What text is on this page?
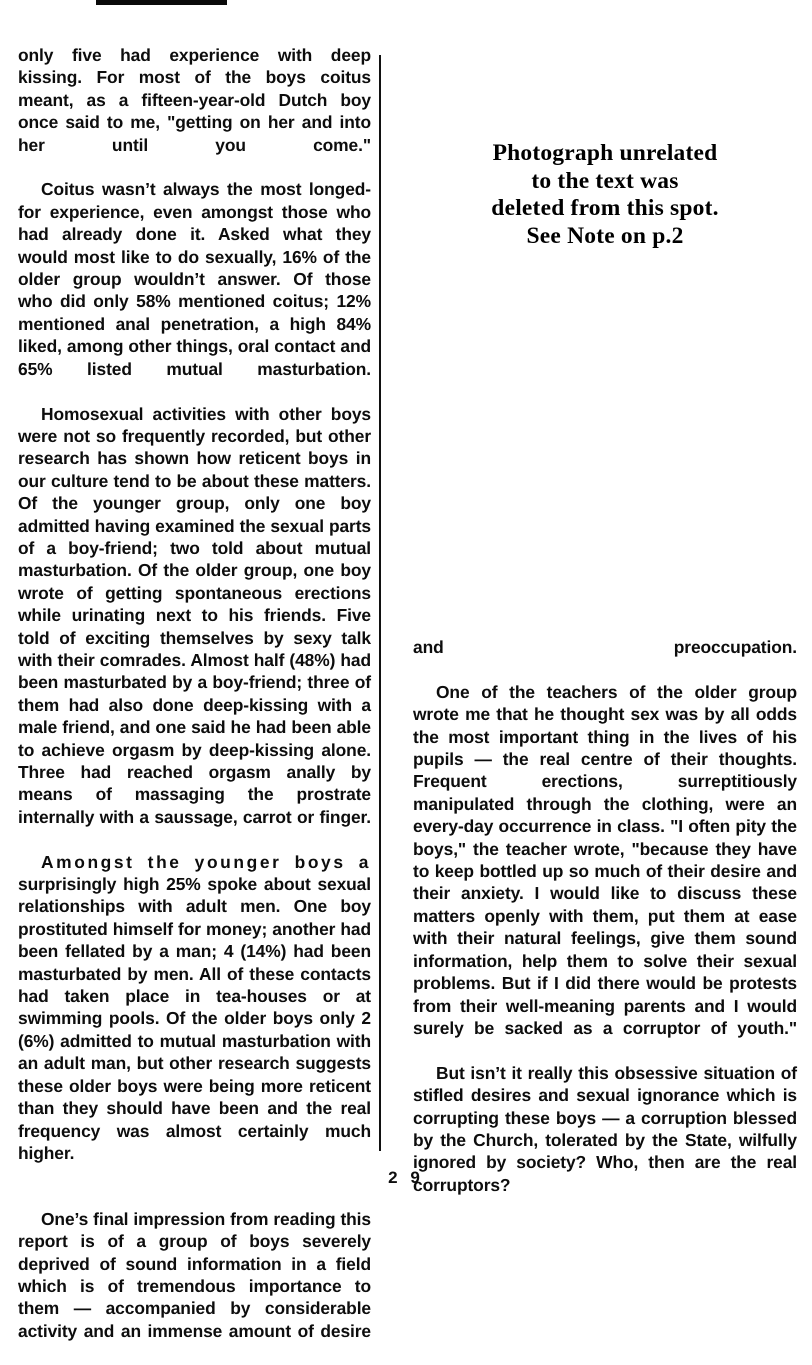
only five had experience with deep kissing. For most of the boys coitus meant, as a fifteen-year-old Dutch boy once said to me, "getting on her and into her until you come."

Coitus wasn’t always the most longed-for experience, even amongst those who had already done it. Asked what they would most like to do sexually, 16% of the older group wouldn’t answer. Of those who did only 58% mentioned coitus; 12% mentioned anal penetration, a high 84% liked, among other things, oral contact and 65% listed mutual masturbation.

Homosexual activities with other boys were not so frequently recorded, but other research has shown how reticent boys in our culture tend to be about these matters. Of the younger group, only one boy admitted having examined the sexual parts of a boy-friend; two told about mutual masturbation. Of the older group, one boy wrote of getting spontaneous erections while urinating next to his friends. Five told of exciting themselves by sexy talk with their comrades. Almost half (48%) had been masturbated by a boy-friend; three of them had also done deep-kissing with a male friend, and one said he had been able to achieve orgasm by deep-kissing alone. Three had reached orgasm anally by means of massaging the prostrate internally with a saussage, carrot or finger.

Amongst the younger boys a surprisingly high 25% spoke about sexual relationships with adult men. One boy prostituted himself for money; another had been fellated by a man; 4 (14%) had been masturbated by men. All of these contacts had taken place in tea-houses or at swimming pools. Of the older boys only 2 (6%) admitted to mutual masturbation with an adult man, but other research suggests these older boys were being more reticent than they should have been and the real frequency was almost certainly much higher.

One’s final impression from reading this report is of a group of boys severely deprived of sound information in a field which is of tremendous importance to them — accompanied by considerable activity and an immense amount of desire

Photograph unrelated
to the text was
deleted from this spot.
See Note on p.2

and preoccupation.

One of the teachers of the older group wrote me that he thought sex was by all odds the most important thing in the lives of his pupils — the real centre of their thoughts. Frequent erections, surreptitiously manipulated through the clothing, were an every-day occurrence in class. "I often pity the boys," the teacher wrote, "because they have to keep bottled up so much of their desire and their anxiety. I would like to discuss these matters openly with them, put them at ease with their natural feelings, give them sound information, help them to solve their sexual problems. But if I did there would be protests from their well-meaning parents and I would surely be sacked as a corruptor of youth."

But isn’t it really this obsessive situation of stifled desires and sexual ignorance which is corrupting these boys — a corruption blessed by the Church, tolerated by the State, wilfully ignored by society? Who, then are the real corruptors?

2 9
